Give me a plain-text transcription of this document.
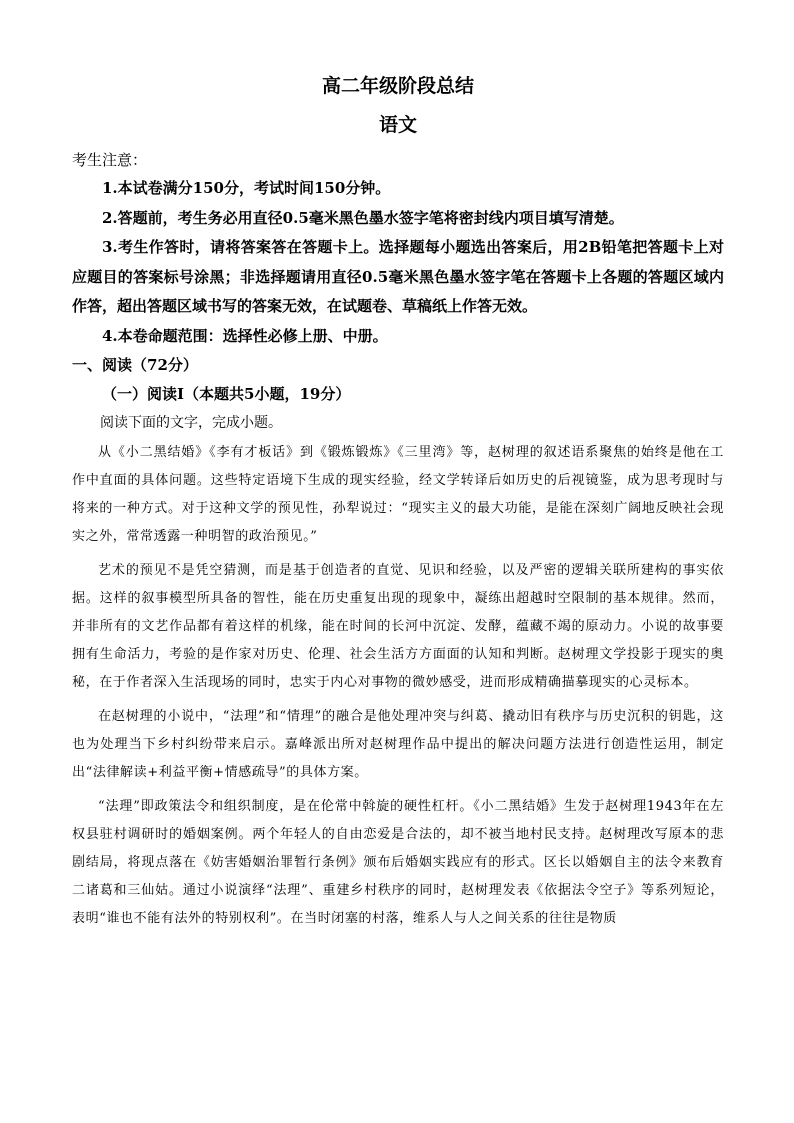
高二年级阶段总结
语文
考生注意：

1.本试卷满分150分，考试时间150分钟。

2.答题前，考生务必用直径0.5毫米黑色墨水签字笔将密封线内项目填写清楚。

3.考生作答时，请将答案答在答题卡上。选择题每小题选出答案后，用2B铅笔把答题卡上对应题目的答案标号涂黑；非选择题请用直径0.5毫米黑色墨水签字笔在答题卡上各题的答题区域内作答，超出答题区域书写的答案无效，在试题卷、草稿纸上作答无效。

4.本卷命题范围：选择性必修上册、中册。

一、阅读（72分）
（一）阅读Ⅰ（本题共5小题，19分）
阅读下面的文字，完成小题。

从《小二黑结婚》《李有才板话》到《锻炼锻炼》《三里湾》等，赵树理的叙述语系聚焦的始终是他在工作中直面的具体问题。这些特定语境下生成的现实经验，经文学转译后如历史的后视镜鉴，成为思考现时与将来的一种方式。对于这种文学的预见性，孙犁说过：“现实主义的最大功能，是能在深刻广阔地反映社会现实之外，常常透露一种明智的政治预见。”

艺术的预见不是凭空猜测，而是基于创造者的直觉、见识和经验，以及严密的逻辑关联所建构的事实依据。这样的叙事模型所具备的智性，能在历史重复出现的现象中，凝练出超越时空限制的基本规律。然而，并非所有的文艺作品都有着这样的机缘，能在时间的长河中沉淀、发酵，蕴藏不竭的原动力。小说的故事要拥有生命活力，考验的是作家对历史、伦理、社会生活方方面面的认知和判断。赵树理文学投影于现实的奥秘，在于作者深入生活现场的同时，忠实于内心对事物的微妙感受，进而形成精确描摹现实的心灵标本。

在赵树理的小说中，“法理”和“情理”的融合是他处理冲突与纠葛、撬动旧有秩序与历史沉积的钥匙，这也为处理当下乡村纠纷带来启示。嘉峰派出所对赵树理作品中提出的解决问题方法进行创造性运用，制定出“法律解读+利益平衡+情感疏导”的具体方案。

“法理”即政策法令和组织制度，是在伦常中斡旋的硬性杠杆。《小二黑结婚》生发于赵树理1943年在左权县驻村调研时的婚姻案例。两个年轻人的自由恋爱是合法的，却不被当地村民支持。赵树理改写原本的悲剧结局，将现点落在《妨害婚姻治罪暂行条例》颁布后婚姻实践应有的形式。区长以婚姻自主的法令来教育二诸葛和三仙姑。通过小说演绎“法理”、重建乡村秩序的同时，赵树理发表《依据法令空子》等系列短论，表明“谁也不能有法外的特别权利”。在当时闭塞的村落，维系人与人之间关系的往往是物质
